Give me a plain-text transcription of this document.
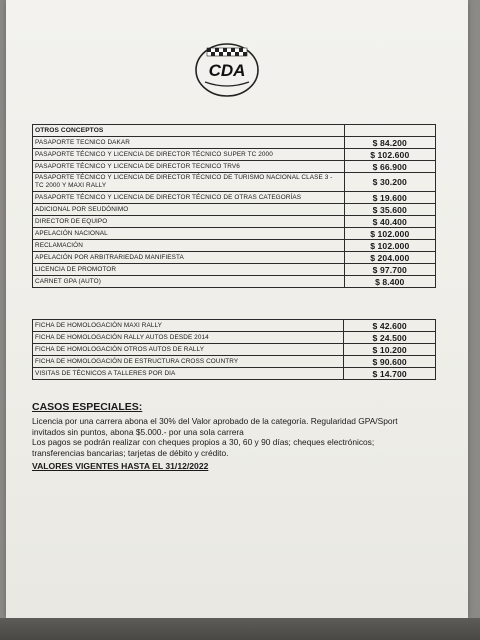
CDA
OTROS CONCEPTOS	
PASAPORTE TECNICO DAKAR	$ 84.200
PASAPORTE TÉCNICO Y LICENCIA DE DIRECTOR TÉCNICO SUPER TC 2000	$ 102.600
PASAPORTE TÉCNICO Y LICENCIA DE DIRECTOR TECNICO TRV6	$ 66.900
PASAPORTE TÉCNICO Y LICENCIA DE DIRECTOR TÉCNICO DE TURISMO NACIONAL CLASE 3 - TC 2000 Y MAXI RALLY	$ 30.200
PASAPORTE TÉCNICO Y LICENCIA DE DIRECTOR TÉCNICO DE OTRAS CATEGORÍAS	$ 19.600
ADICIONAL POR SEUDÓNIMO	$ 35.600
DIRECTOR DE EQUIPO	$ 40.400
APELACIÓN NACIONAL	$ 102.000
RECLAMACIÓN	$ 102.000
APELACIÓN POR ARBITRARIEDAD MANIFIESTA	$ 204.000
LICENCIA DE PROMOTOR	$ 97.700
CARNET GPA (AUTO)	$ 8.400
FICHA DE HOMOLOGACIÓN MAXI RALLY	$ 42.600
FICHA DE HOMOLOGACIÓN RALLY AUTOS DESDE 2014	$ 24.500
FICHA DE HOMOLOGACIÓN OTROS AUTOS DE RALLY	$ 10.200
FICHA DE HOMOLOGACIÓN DE ESTRUCTURA CROSS COUNTRY	$ 90.600
VISITAS DE TÉCNICOS A TALLERES POR DIA	$ 14.700

CASOS ESPECIALES:

Licencia por una carrera abona el 30% del Valor aprobado de la categoría. Regularidad GPA/Sport

invitados sin puntos, abona $5.000.- por una sola carrera

Los pagos se podrán realizar con cheques propios a 30, 60 y 90 días; cheques electrónicos;

transferencias bancarias; tarjetas de débito y crédito.

VALORES VIGENTES HASTA EL 31/12/2022
